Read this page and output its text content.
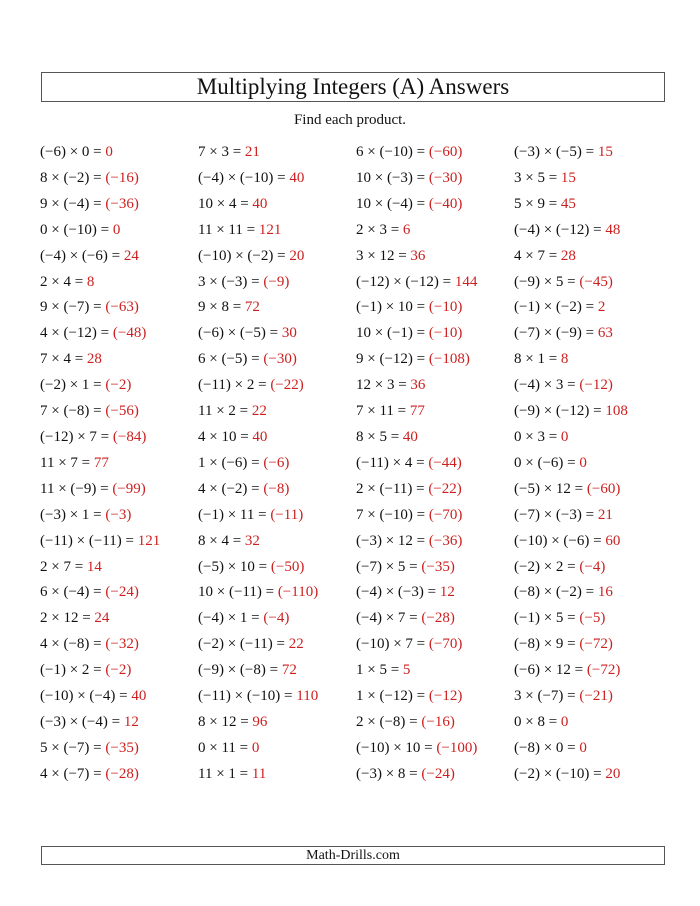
Multiplying Integers (A) Answers
Find each product.
(−6) × 0 = 0	7 × 3 = 21	6 × (−10) = (−60)	(−3) × (−5) = 15
8 × (−2) = (−16)	(−4) × (−10) = 40	10 × (−3) = (−30)	3 × 5 = 15
9 × (−4) = (−36)	10 × 4 = 40	10 × (−4) = (−40)	5 × 9 = 45
0 × (−10) = 0	11 × 11 = 121	2 × 3 = 6	(−4) × (−12) = 48
(−4) × (−6) = 24	(−10) × (−2) = 20	3 × 12 = 36	4 × 7 = 28
2 × 4 = 8	3 × (−3) = (−9)	(−12) × (−12) = 144	(−9) × 5 = (−45)
9 × (−7) = (−63)	9 × 8 = 72	(−1) × 10 = (−10)	(−1) × (−2) = 2
4 × (−12) = (−48)	(−6) × (−5) = 30	10 × (−1) = (−10)	(−7) × (−9) = 63
7 × 4 = 28	6 × (−5) = (−30)	9 × (−12) = (−108)	8 × 1 = 8
(−2) × 1 = (−2)	(−11) × 2 = (−22)	12 × 3 = 36	(−4) × 3 = (−12)
7 × (−8) = (−56)	11 × 2 = 22	7 × 11 = 77	(−9) × (−12) = 108
(−12) × 7 = (−84)	4 × 10 = 40	8 × 5 = 40	0 × 3 = 0
11 × 7 = 77	1 × (−6) = (−6)	(−11) × 4 = (−44)	0 × (−6) = 0
11 × (−9) = (−99)	4 × (−2) = (−8)	2 × (−11) = (−22)	(−5) × 12 = (−60)
(−3) × 1 = (−3)	(−1) × 11 = (−11)	7 × (−10) = (−70)	(−7) × (−3) = 21
(−11) × (−11) = 121	8 × 4 = 32	(−3) × 12 = (−36)	(−10) × (−6) = 60
2 × 7 = 14	(−5) × 10 = (−50)	(−7) × 5 = (−35)	(−2) × 2 = (−4)
6 × (−4) = (−24)	10 × (−11) = (−110)	(−4) × (−3) = 12	(−8) × (−2) = 16
2 × 12 = 24	(−4) × 1 = (−4)	(−4) × 7 = (−28)	(−1) × 5 = (−5)
4 × (−8) = (−32)	(−2) × (−11) = 22	(−10) × 7 = (−70)	(−8) × 9 = (−72)
(−1) × 2 = (−2)	(−9) × (−8) = 72	1 × 5 = 5	(−6) × 12 = (−72)
(−10) × (−4) = 40	(−11) × (−10) = 110	1 × (−12) = (−12)	3 × (−7) = (−21)
(−3) × (−4) = 12	8 × 12 = 96	2 × (−8) = (−16)	0 × 8 = 0
5 × (−7) = (−35)	0 × 11 = 0	(−10) × 10 = (−100)	(−8) × 0 = 0
4 × (−7) = (−28)	11 × 1 = 11	(−3) × 8 = (−24)	(−2) × (−10) = 20
Math-Drills.com
